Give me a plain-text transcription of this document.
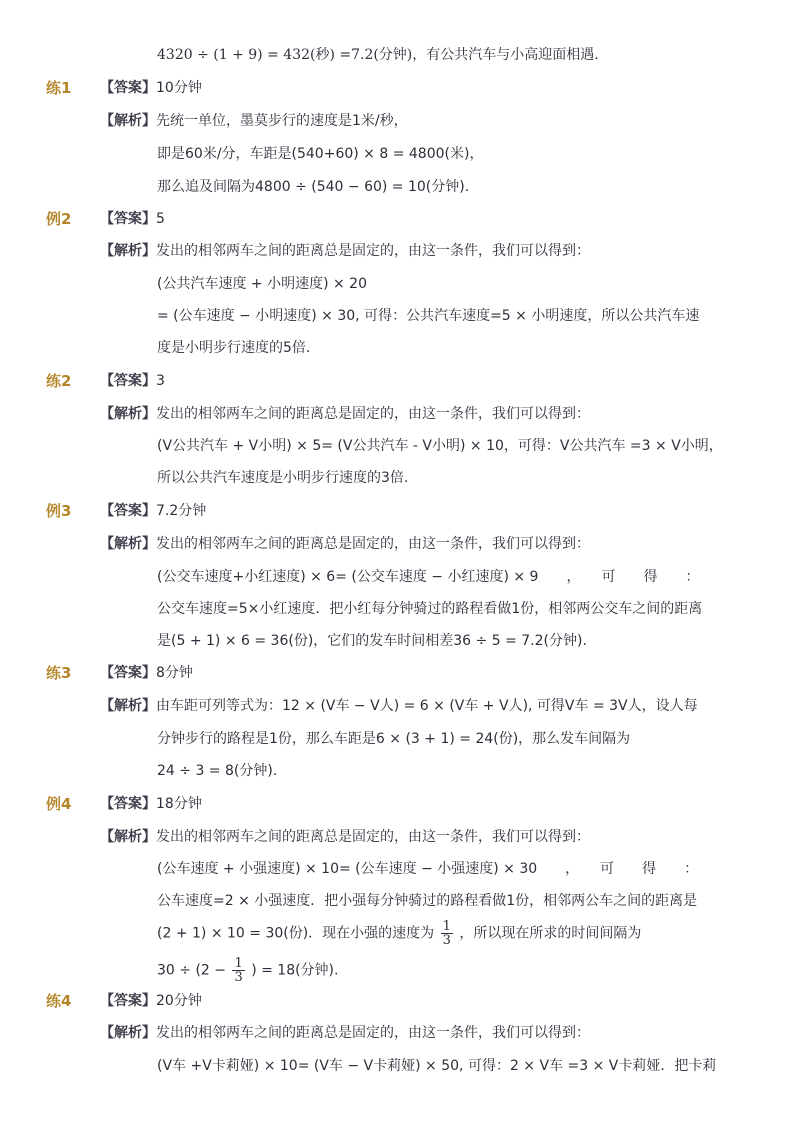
4320 ÷ (1 + 9) = 432(秒) =7.2(分钟)，有公共汽车与小高迎面相遇.
练1 【答案】10分钟
【解析】先统一单位，墨莫步行的速度是1米/秒，
即是60米/分，车距是(540+60) × 8 = 4800(米)，
那么追及间隔为4800 ÷ (540 − 60) = 10(分钟).
例2 【答案】5
【解析】发出的相邻两车之间的距离总是固定的，由这一条件，我们可以得到：
(公共汽车速度 + 小明速度) × 20
= (公车速度 − 小明速度) × 30, 可得：公共汽车速度=5 × 小明速度，所以公共汽车速
度是小明步行速度的5倍.
练2 【答案】3
【解析】发出的相邻两车之间的距离总是固定的，由这一条件，我们可以得到：
(V公共汽车 + V小明) × 5= (V公共汽车 - V小明) × 10，可得：V公共汽车 =3 × V小明，
所以公共汽车速度是小明步行速度的3倍.
例3 【答案】7.2分钟
【解析】发出的相邻两车之间的距离总是固定的，由这一条件，我们可以得到：
(公交车速度+小红速度) × 6= (公交车速度 − 小红速度) × 9　　，　　可　　得　　：
公交车速度=5×小红速度．把小红每分钟骑过的路程看做1份，相邻两公交车之间的距离
是(5 + 1) × 6 = 36(份)，它们的发车时间相差36 ÷ 5 = 7.2(分钟).
练3 【答案】8分钟
【解析】由车距可列等式为：12 × (V车 − V人) = 6 × (V车 + V人), 可得V车 = 3V人，设人每
分钟步行的路程是1份，那么车距是6 × (3 + 1) = 24(份)，那么发车间隔为
24 ÷ 3 = 8(分钟).
例4 【答案】18分钟
【解析】发出的相邻两车之间的距离总是固定的，由这一条件，我们可以得到：
(公车速度 + 小强速度) × 10= (公车速度 − 小强速度) × 30　　，　　可　　得　　：
公车速度=2 × 小强速度．把小强每分钟骑过的路程看做1份，相邻两公车之间的距离是
(2 + 1) × 10 = 30(份)．现在小强的速度为 $\frac{1}{3}$ ，所以现在所求的时间间隔为
$30 \div (2 - \frac{1}{3}$ ) = 18(分钟).
练4 【答案】20分钟
【解析】发出的相邻两车之间的距离总是固定的，由这一条件，我们可以得到：
(V车 +V卡莉娅) × 10= (V车 − V卡莉娅) × 50, 可得：2 × V车 =3 × V卡莉娅．把卡莉
